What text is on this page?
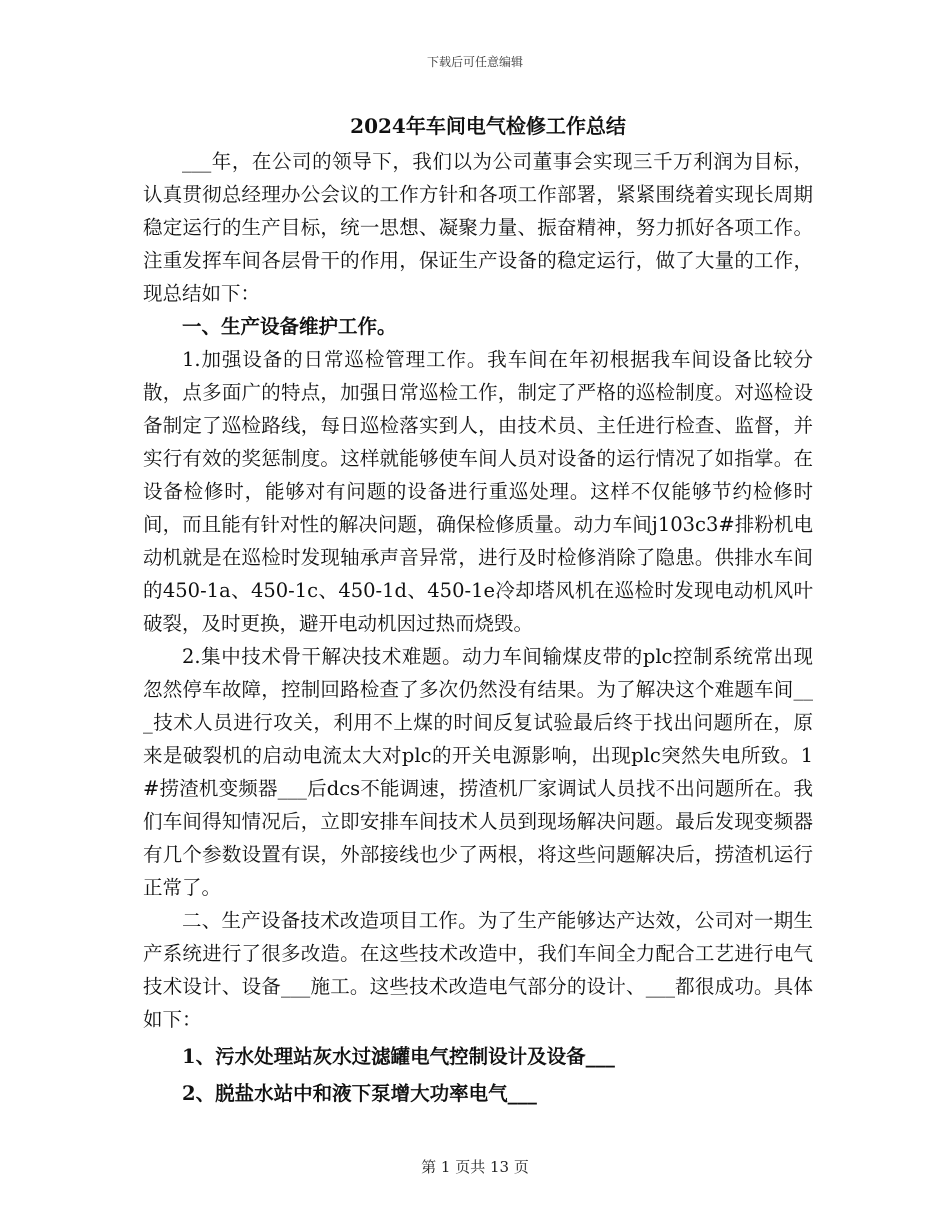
下载后可任意编辑
2024年车间电气检修工作总结

___年，在公司的领导下，我们以为公司董事会实现三千万利润为目标，认真贯彻总经理办公会议的工作方针和各项工作部署，紧紧围绕着实现长周期稳定运行的生产目标，统一思想、凝聚力量、振奋精神，努力抓好各项工作。注重发挥车间各层骨干的作用，保证生产设备的稳定运行，做了大量的工作，现总结如下：

一、生产设备维护工作。

1.加强设备的日常巡检管理工作。我车间在年初根据我车间设备比较分散，点多面广的特点，加强日常巡检工作，制定了严格的巡检制度。对巡检设备制定了巡检路线，每日巡检落实到人，由技术员、主任进行检查、监督，并实行有效的奖惩制度。这样就能够使车间人员对设备的运行情况了如指掌。在设备检修时，能够对有问题的设备进行重巡处理。这样不仅能够节约检修时间，而且能有针对性的解决问题，确保检修质量。动力车间j103c3#排粉机电动机就是在巡检时发现轴承声音异常，进行及时检修消除了隐患。供排水车间的450-1a、450-1c、450-1d、450-1e冷却塔风机在巡检时发现电动机风叶破裂，及时更换，避开电动机因过热而烧毁。

2.集中技术骨干解决技术难题。动力车间输煤皮带的plc控制系统常出现忽然停车故障，控制回路检查了多次仍然没有结果。为了解决这个难题车间___技术人员进行攻关，利用不上煤的时间反复试验最后终于找出问题所在，原来是破裂机的启动电流太大对plc的开关电源影响，出现plc突然失电所致。1#捞渣机变频器___后dcs不能调速，捞渣机厂家调试人员找不出问题所在。我们车间得知情况后，立即安排车间技术人员到现场解决问题。最后发现变频器有几个参数设置有误，外部接线也少了两根，将这些问题解决后，捞渣机运行正常了。

二、生产设备技术改造项目工作。为了生产能够达产达效，公司对一期生产系统进行了很多改造。在这些技术改造中，我们车间全力配合工艺进行电气技术设计、设备___施工。这些技术改造电气部分的设计、___都很成功。具体如下：

1、污水处理站灰水过滤罐电气控制设计及设备___

2、脱盐水站中和液下泵增大功率电气___

第 1 页共 13 页
